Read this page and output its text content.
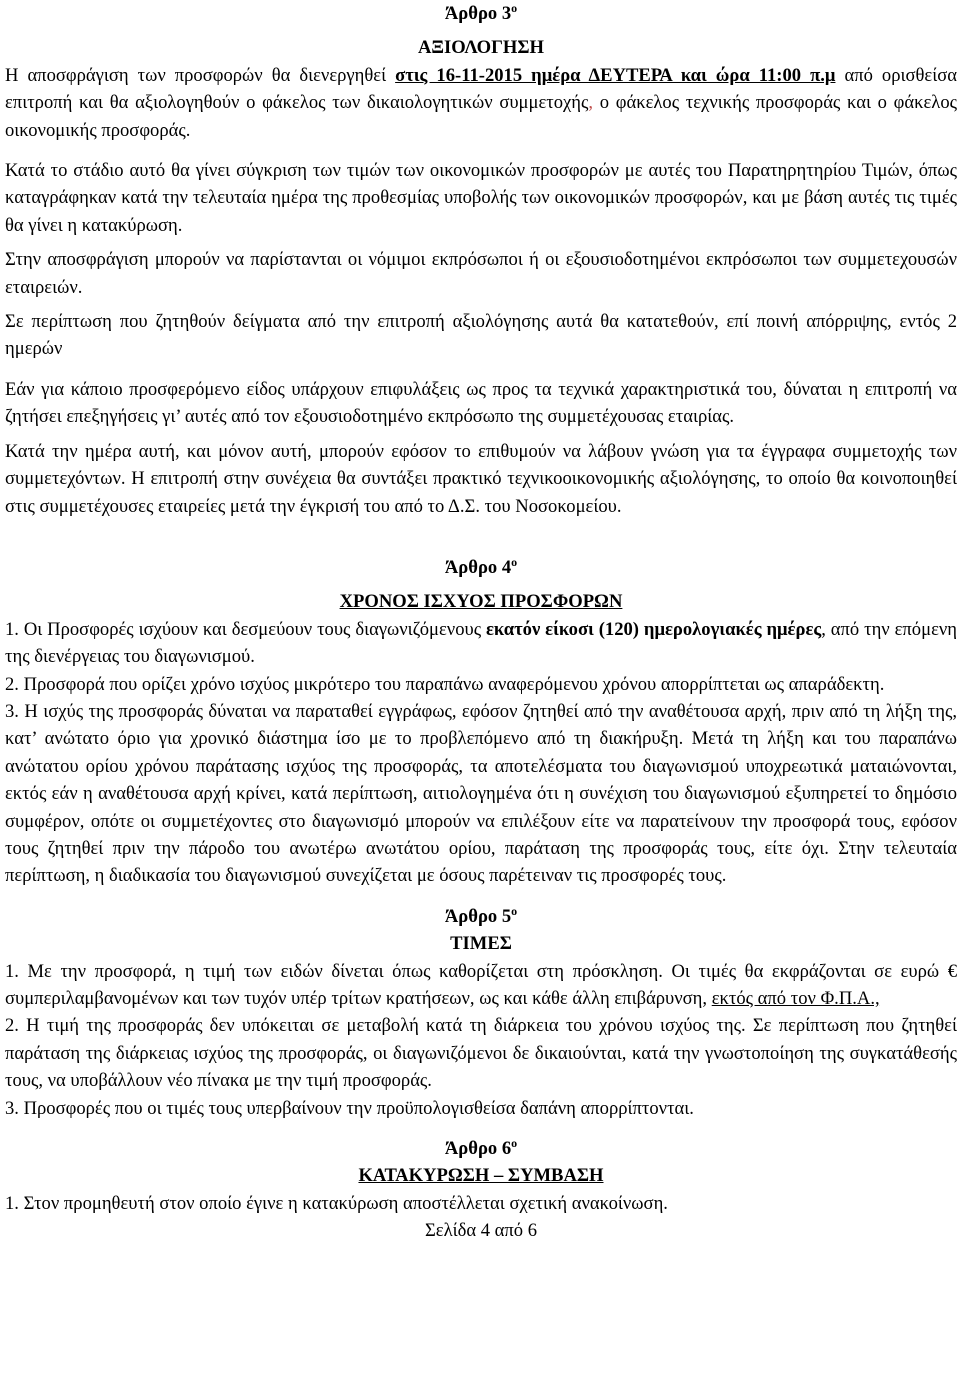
Άρθρο $3^o$

ΑΞΙΟΛΟΓΗΣΗ

Η αποσφράγιση των προσφορών θα διενεργηθεί στις 16-11-2015 ημέρα ΔΕΥΤΕΡΑ και ώρα 11:00 π.μ από ορισθείσα επιτροπή και θα αξιολογηθούν ο φάκελος των δικαιολογητικών συμμετοχής, ο φάκελος τεχνικής προσφοράς και ο φάκελος οικονομικής προσφοράς.

Κατά το στάδιο αυτό θα γίνει σύγκριση των τιμών των οικονομικών προσφορών με αυτές του Παρατηρητηρίου Τιμών, όπως καταγράφηκαν κατά την τελευταία ημέρα της προθεσμίας υποβολής των οικονομικών προσφορών, και με βάση αυτές τις τιμές θα γίνει η κατακύρωση.

Στην αποσφράγιση μπορούν να παρίστανται οι νόμιμοι εκπρόσωποι ή οι εξουσιοδοτημένοι εκπρόσωποι των συμμετεχουσών εταιρειών.

Σε περίπτωση που ζητηθούν δείγματα από την επιτροπή αξιολόγησης αυτά θα κατατεθούν, επί ποινή απόρριψης, εντός 2 ημερών

Εάν για κάποιο προσφερόμενο είδος υπάρχουν επιφυλάξεις ως προς τα τεχνικά χαρακτηριστικά του, δύναται η επιτροπή να ζητήσει επεξηγήσεις γι’ αυτές από τον εξουσιοδοτημένο εκπρόσωπο της συμμετέχουσας εταιρίας.

Κατά την ημέρα αυτή, και μόνον αυτή, μπορούν εφόσον το επιθυμούν να λάβουν γνώση για τα έγγραφα συμμετοχής των συμμετεχόντων. Η επιτροπή στην συνέχεια θα συντάξει πρακτικό τεχνικοοικονομικής αξιολόγησης, το οποίο θα κοινοποιηθεί στις συμμετέχουσες εταιρείες μετά την έγκρισή του από το Δ.Σ. του Νοσοκομείου.

Άρθρο $4^o$

ΧΡΟΝΟΣ ΙΣΧΥΟΣ ΠΡΟΣΦΟΡΩΝ

1. Οι Προσφορές ισχύουν και δεσμεύουν τους διαγωνιζόμενους εκατόν είκοσι (120) ημερολογιακές ημέρες, από την επόμενη της διενέργειας του διαγωνισμού.

2. Προσφορά που ορίζει χρόνο ισχύος μικρότερο του παραπάνω αναφερόμενου χρόνου απορρίπτεται ως απαράδεκτη.

3. Η ισχύς της προσφοράς δύναται να παραταθεί εγγράφως, εφόσον ζητηθεί από την αναθέτουσα αρχή, πριν από τη λήξη της, κατ’ ανώτατο όριο για χρονικό διάστημα ίσο με το προβλεπόμενο από τη διακήρυξη. Μετά τη λήξη και του παραπάνω ανώτατου ορίου χρόνου παράτασης ισχύος της προσφοράς, τα αποτελέσματα του διαγωνισμού υποχρεωτικά ματαιώνονται, εκτός εάν η αναθέτουσα αρχή κρίνει, κατά περίπτωση, αιτιολογημένα ότι η συνέχιση του διαγωνισμού εξυπηρετεί το δημόσιο συμφέρον, οπότε οι συμμετέχοντες στο διαγωνισμό μπορούν να επιλέξουν είτε να παρατείνουν την προσφορά τους, εφόσον τους ζητηθεί πριν την πάροδο του ανωτέρω ανωτάτου ορίου, παράταση της προσφοράς τους, είτε όχι. Στην τελευταία περίπτωση, η διαδικασία του διαγωνισμού συνεχίζεται με όσους παρέτειναν τις προσφορές τους.

Άρθρο $5^o$

ΤΙΜΕΣ

1. Με την προσφορά, η τιμή των ειδών δίνεται όπως καθορίζεται στη πρόσκληση. Οι τιμές θα εκφράζονται σε ευρώ € συμπεριλαμβανομένων και των τυχόν υπέρ τρίτων κρατήσεων, ως και κάθε άλλη επιβάρυνση, εκτός από τον Φ.Π.Α.,

2. Η τιμή της προσφοράς δεν υπόκειται σε μεταβολή κατά τη διάρκεια του χρόνου ισχύος της. Σε περίπτωση που ζητηθεί παράταση της διάρκειας ισχύος της προσφοράς, οι διαγωνιζόμενοι δε δικαιούνται, κατά την γνωστοποίηση της συγκατάθεσής τους, να υποβάλλουν νέο πίνακα με την τιμή προσφοράς.

3. Προσφορές που οι τιμές τους υπερβαίνουν την προϋπολογισθείσα δαπάνη απορρίπτονται.

Άρθρο $6^o$

ΚΑΤΑΚΥΡΩΣΗ – ΣΥΜΒΑΣΗ

1. Στον προμηθευτή στον οποίο έγινε η κατακύρωση αποστέλλεται σχετική ανακοίνωση.

Σελίδα 4 από 6
